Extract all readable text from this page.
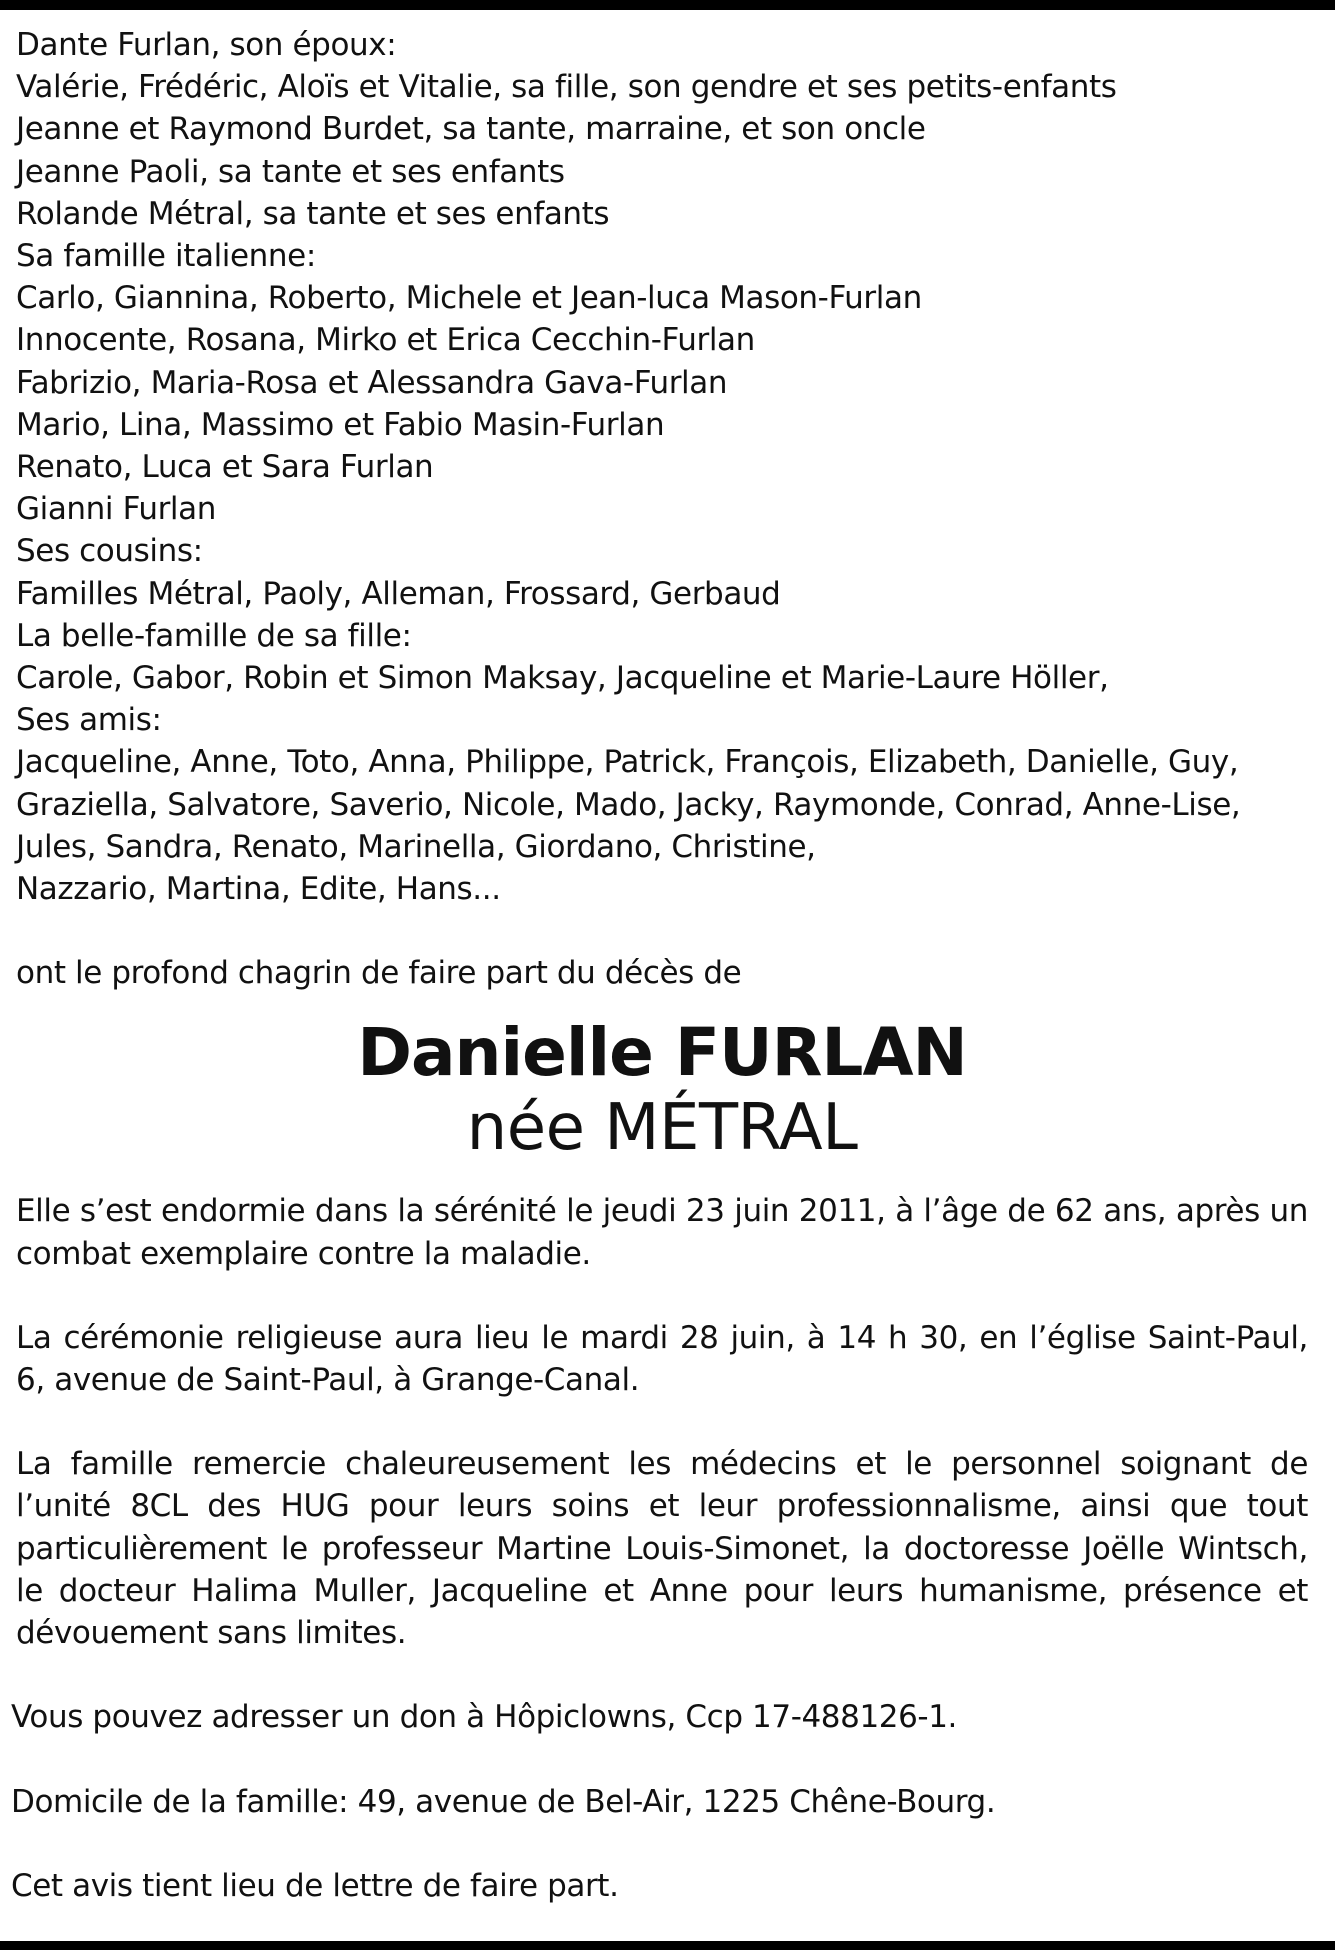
Dante Furlan, son époux:
Valérie, Frédéric, Aloïs et Vitalie, sa fille, son gendre et ses petits-enfants
Jeanne et Raymond Burdet, sa tante, marraine, et son oncle
Jeanne Paoli, sa tante et ses enfants
Rolande Métral, sa tante et ses enfants
Sa famille italienne:
Carlo, Giannina, Roberto, Michele et Jean-luca Mason-Furlan
Innocente, Rosana, Mirko et Erica Cecchin-Furlan
Fabrizio, Maria-Rosa et Alessandra Gava-Furlan
Mario, Lina, Massimo et Fabio Masin-Furlan
Renato, Luca et Sara Furlan
Gianni Furlan
Ses cousins:
Familles Métral, Paoly, Alleman, Frossard, Gerbaud
La belle-famille de sa fille:
Carole, Gabor, Robin et Simon Maksay, Jacqueline et Marie-Laure Höller,
Ses amis:
Jacqueline, Anne, Toto, Anna, Philippe, Patrick, François, Elizabeth, Danielle, Guy,
Graziella, Salvatore, Saverio, Nicole, Mado, Jacky, Raymonde, Conrad, Anne-Lise,
Jules, Sandra, Renato, Marinella, Giordano, Christine,
Nazzario, Martina, Edite, Hans...
ont le profond chagrin de faire part du décès de
Danielle FURLAN
née MÉTRAL
Elle s’est endormie dans la sérénité le jeudi 23 juin 2011, à l’âge de 62 ans, après un combat exemplaire contre la maladie.
La cérémonie religieuse aura lieu le mardi 28 juin, à 14 h 30, en l’église Saint-Paul, 6, avenue de Saint-Paul, à Grange-Canal.
La famille remercie chaleureusement les médecins et le personnel soignant de l’unité 8CL des HUG pour leurs soins et leur professionnalisme, ainsi que tout particulièrement le professeur Martine Louis-Simonet, la doctoresse Joëlle Wintsch, le docteur Halima Muller, Jacqueline et Anne pour leurs humanisme, présence et dévouement sans limites.
Vous pouvez adresser un don à Hôpiclowns, Ccp 17-488126-1.
Domicile de la famille: 49, avenue de Bel-Air, 1225 Chêne-Bourg.
Cet avis tient lieu de lettre de faire part.
